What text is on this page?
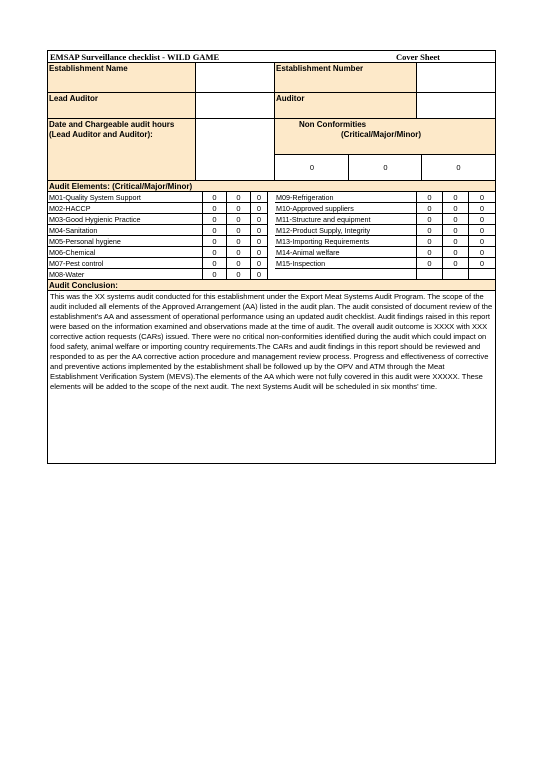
EMSAP Surveillance checklist - WILD GAME	Cover Sheet
Establishment Name	Establishment Number
Lead Auditor	Auditor
Date and Chargeable audit hours
(Lead Auditor and Auditor):
Non Conformities
(Critical/Major/Minor)
0	0	0
Audit Elements: (Critical/Major/Minor)
M01-Quality System Support	0	0	0	M09-Refrigeration	0	0	0
M02-HACCP	0	0	0	M10-Approved suppliers	0	0	0
M03-Good Hygienic Practice	0	0	0	M11-Structure and equipment	0	0	0
M04-Sanitation	0	0	0	M12-Product Supply, Integrity	0	0	0
M05-Personal hygiene	0	0	0	M13-Importing Requirements	0	0	0
M06-Chemical	0	0	0	M14-Animal welfare	0	0	0
M07-Pest control	0	0	0	M15-Inspection	0	0	0
M08-Water	0	0	0
Audit Conclusion:
This was the XX systems audit conducted for this establishment under the Export Meat Systems Audit Program. The scope of the audit included all elements of the Approved Arrangement (AA) listed in the audit plan. The audit consisted of document review of the establishment's AA and assessment of operational performance using an updated audit checklist. Audit findings raised in this report were based on the information examined and observations made at the time of audit. The overall audit outcome is XXXX with XXX corrective action requests (CARs) issued. There were no critical non-conformities identified during the audit which could impact on food safety, animal welfare or importing country requirements.The CARs and audit findings in this report should be reviewed and responded to as per the AA corrective action procedure and management review process. Progress and effectiveness of corrective and preventive actions implemented by the establishment shall be followed up by the OPV and ATM through the Meat Establishment Verification System (MEVS).The elements of the AA which were not fully covered in this audit were XXXXX. These elements will be added to the scope of the next audit. The next Systems Audit will be scheduled in six months' time.
